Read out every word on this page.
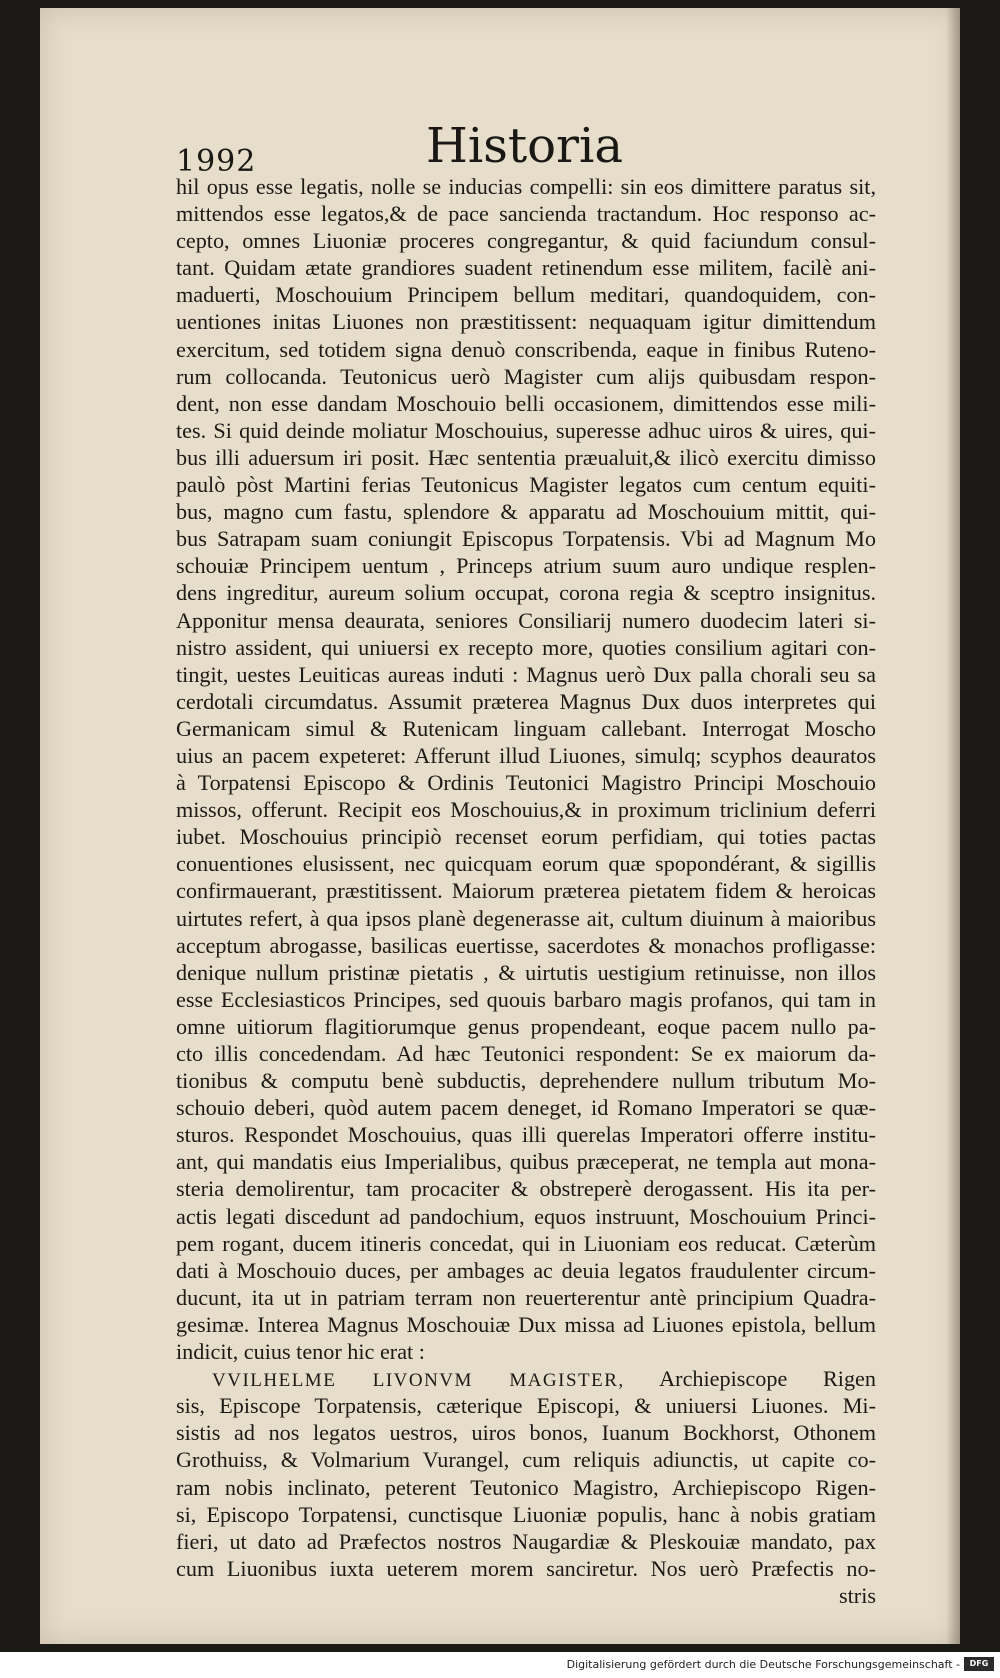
1992	Historia
hil opus esse legatis, nolle se inducias compelli: sin eos dimittere paratus sit,
mittendos esse legatos,& de pace sancienda tractandum. Hoc responso ac-
cepto, omnes Liuoniæ proceres congregantur, & quid faciundum consul-
tant. Quidam ætate grandiores suadent retinendum esse militem, facilè ani-
maduerti, Moschouium Principem bellum meditari, quandoquidem, con-
uentiones initas Liuones non præstitissent: nequaquam igitur dimittendum
exercitum, sed totidem signa denuò conscribenda, eaque in finibus Ruteno-
rum collocanda. Teutonicus uerò Magister cum alijs quibusdam respon-
dent, non esse dandam Moschouio belli occasionem, dimittendos esse mili-
tes. Si quid deinde moliatur Moschouius, superesse adhuc uiros & uires, qui-
bus illi aduersum iri posit. Hæc sententia præualuit,& ilicò exercitu dimisso
paulò pòst Martini ferias Teutonicus Magister legatos cum centum equiti-
bus, magno cum fastu, splendore & apparatu ad Moschouium mittit, qui-
bus Satrapam suam coniungit Episcopus Torpatensis. Vbi ad Magnum Mo
schouiæ Principem uentum , Princeps atrium suum auro undique resplen-
dens ingreditur, aureum solium occupat, corona regia & sceptro insignitus.
Apponitur mensa deaurata, seniores Consiliarij numero duodecim lateri si-
nistro assident, qui uniuersi ex recepto more, quoties consilium agitari con-
tingit, uestes Leuiticas aureas induti : Magnus uerò Dux palla chorali seu sa
cerdotali circumdatus. Assumit præterea Magnus Dux duos interpretes qui
Germanicam simul & Rutenicam linguam callebant. Interrogat Moscho
uius an pacem expeteret: Afferunt illud Liuones, simulq; scyphos deauratos
à Torpatensi Episcopo & Ordinis Teutonici Magistro Principi Moschouio
missos, offerunt. Recipit eos Moschouius,& in proximum triclinium deferri
iubet. Moschouius principiò recenset eorum perfidiam, qui toties pactas
conuentiones elusissent, nec quicquam eorum quæ spopondérant, & sigillis
confirmauerant, præstitissent. Maiorum præterea pietatem fidem & heroicas
uirtutes refert, à qua ipsos planè degenerasse ait, cultum diuinum à maioribus
acceptum abrogasse, basilicas euertisse, sacerdotes & monachos profligasse:
denique nullum pristinæ pietatis , & uirtutis uestigium retinuisse, non illos
esse Ecclesiasticos Principes, sed quouis barbaro magis profanos, qui tam in
omne uitiorum flagitiorumque genus propendeant, eoque pacem nullo pa-
cto illis concedendam. Ad hæc Teutonici respondent: Se ex maiorum da-
tionibus & computu benè subductis, deprehendere nullum tributum Mo-
schouio deberi, quòd autem pacem deneget, id Romano Imperatori se quæ-
sturos. Respondet Moschouius, quas illi querelas Imperatori offerre institu-
ant, qui mandatis eius Imperialibus, quibus præceperat, ne templa aut mona-
steria demolirentur, tam procaciter & obstreperè derogassent. His ita per-
actis legati discedunt ad pandochium, equos instruunt, Moschouium Princi-
pem rogant, ducem itineris concedat, qui in Liuoniam eos reducat. Cæterùm
dati à Moschouio duces, per ambages ac deuia legatos fraudulenter circum-
ducunt, ita ut in patriam terram non reuerterentur antè principium Quadra-
gesimæ. Interea Magnus Moschouiæ Dux missa ad Liuones epistola, bellum
indicit, cuius tenor hic erat :
VVILHELME LIVONVM MAGISTER, Archiepiscope Rigen
sis, Episcope Torpatensis, cæterique Episcopi, & uniuersi Liuones. Mi-
sistis ad nos legatos uestros, uiros bonos, Iuanum Bockhorst, Othonem
Grothuiss, & Volmarium Vurangel, cum reliquis adiunctis, ut capite co-
ram nobis inclinato, peterent Teutonico Magistro, Archiepiscopo Rigen-
si, Episcopo Torpatensi, cunctisque Liuoniæ populis, hanc à nobis gratiam
fieri, ut dato ad Præfectos nostros Naugardiæ & Pleskouiæ mandato, pax
cum Liuonibus iuxta ueterem morem sanciretur. Nos uerò Præfectis no-
stris
Digitalisierung gefördert durch die Deutsche Forschungsgemeinschaft -	DFG
